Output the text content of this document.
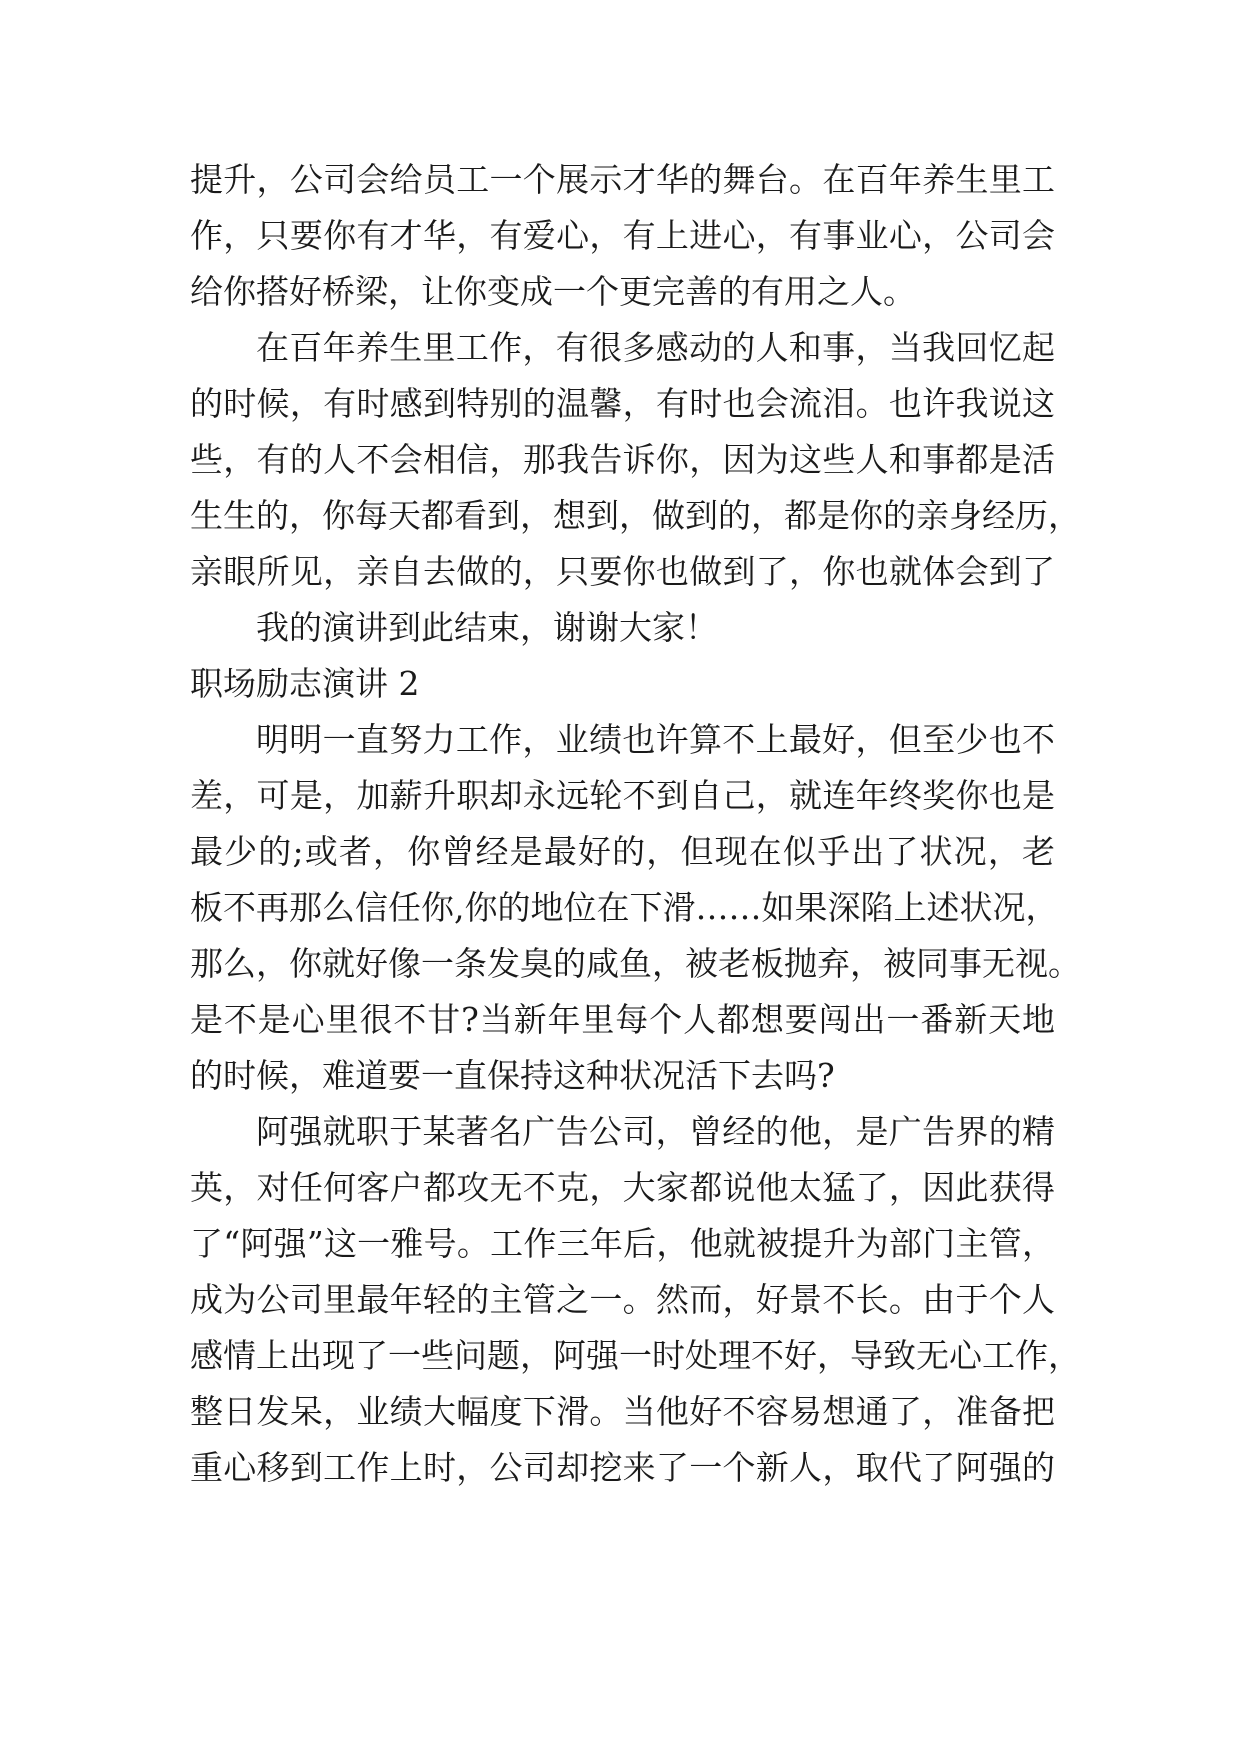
提升，公司会给员工一个展示才华的舞台。在百年养生里工
作，只要你有才华，有爱心，有上进心，有事业心，公司会
给你搭好桥梁，让你变成一个更完善的有用之人。
在百年养生里工作，有很多感动的人和事，当我回忆起
的时候，有时感到特别的温馨，有时也会流泪。也许我说这
些，有的人不会相信，那我告诉你，因为这些人和事都是活
生生的，你每天都看到，想到，做到的，都是你的亲身经历，
亲眼所见，亲自去做的，只要你也做到了，你也就体会到了
我的演讲到此结束，谢谢大家！
职场励志演讲 2
明明一直努力工作，业绩也许算不上最好，但至少也不
差，可是，加薪升职却永远轮不到自己，就连年终奖你也是
最少的;或者，你曾经是最好的，但现在似乎出了状况，老
板不再那么信任你,你的地位在下滑……如果深陷上述状况，
那么，你就好像一条发臭的咸鱼，被老板抛弃，被同事无视。
是不是心里很不甘?当新年里每个人都想要闯出一番新天地
的时候，难道要一直保持这种状况活下去吗?
阿强就职于某著名广告公司，曾经的他，是广告界的精
英，对任何客户都攻无不克，大家都说他太猛了，因此获得
了“阿强”这一雅号。工作三年后，他就被提升为部门主管，
成为公司里最年轻的主管之一。然而，好景不长。由于个人
感情上出现了一些问题，阿强一时处理不好，导致无心工作，
整日发呆，业绩大幅度下滑。当他好不容易想通了，准备把
重心移到工作上时，公司却挖来了一个新人，取代了阿强的
